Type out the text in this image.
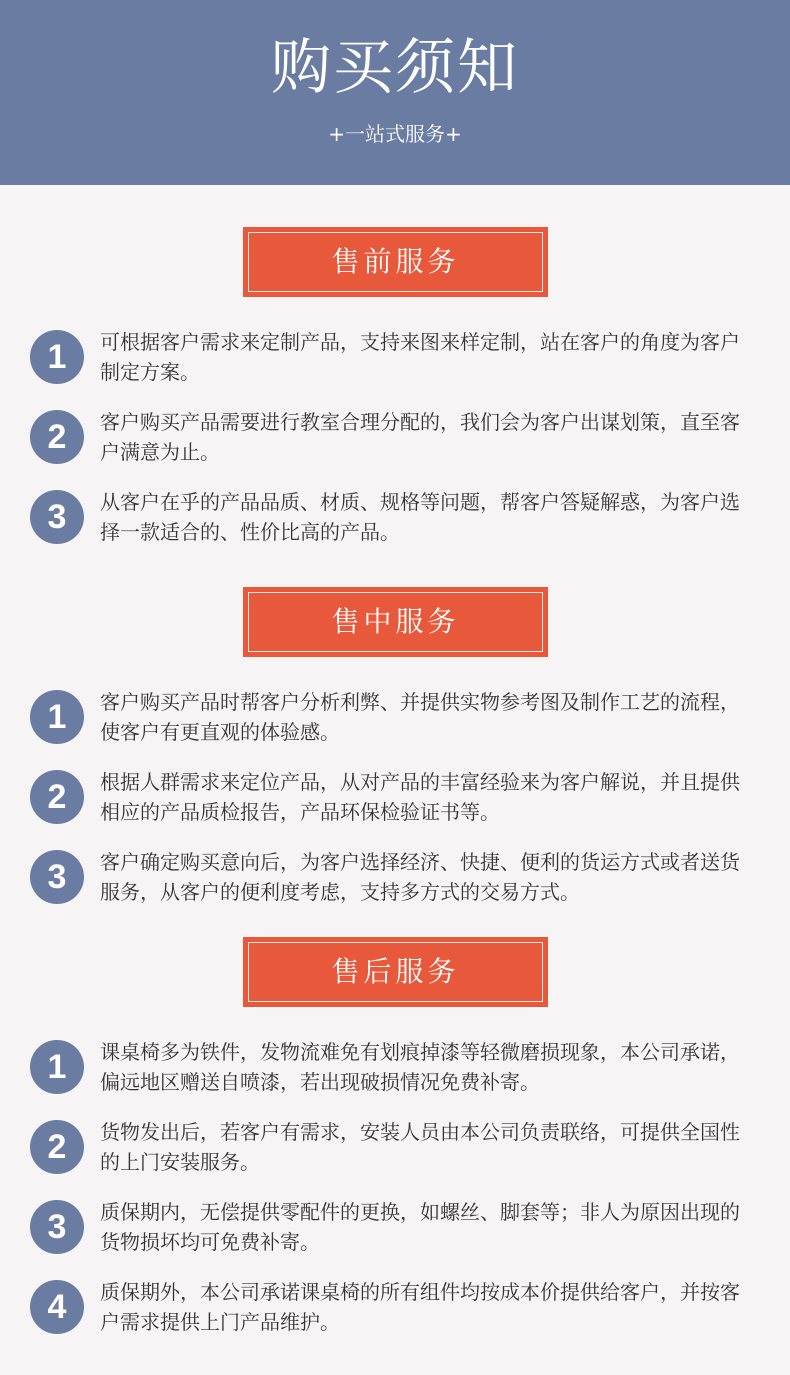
购买须知
+一站式服务+
售前服务
1	可根据客户需求来定制产品，支持来图来样定制，站在客户的角度为客户制定方案。
2	客户购买产品需要进行教室合理分配的，我们会为客户出谋划策，直至客户满意为止。
3	从客户在乎的产品品质、材质、规格等问题，帮客户答疑解惑，为客户选择一款适合的、性价比高的产品。
售中服务
1	客户购买产品时帮客户分析利弊、并提供实物参考图及制作工艺的流程，使客户有更直观的体验感。
2	根据人群需求来定位产品，从对产品的丰富经验来为客户解说，并且提供相应的产品质检报告，产品环保检验证书等。
3	客户确定购买意向后，为客户选择经济、快捷、便利的货运方式或者送货服务，从客户的便利度考虑，支持多方式的交易方式。
售后服务
1	课桌椅多为铁件，发物流难免有划痕掉漆等轻微磨损现象，本公司承诺，偏远地区赠送自喷漆，若出现破损情况免费补寄。
2	货物发出后，若客户有需求，安装人员由本公司负责联络，可提供全国性的上门安装服务。
3	质保期内，无偿提供零配件的更换，如螺丝、脚套等；非人为原因出现的货物损坏均可免费补寄。
4	质保期外，本公司承诺课桌椅的所有组件均按成本价提供给客户，并按客户需求提供上门产品维护。
